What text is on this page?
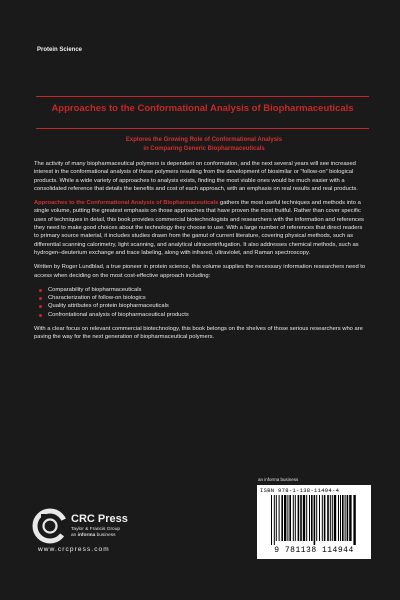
Protein Science
Approaches to the Conformational Analysis of Biopharmaceuticals
Explores the Growing Role of Conformational Analysis
in Comparing Generic Biopharmaceuticals

The activity of many biopharmaceutical polymers is dependent on conformation, and the next several years will see increased interest in the conformational analysis of these polymers resulting from the development of biosimilar or “follow-on” biological products. While a wide variety of approaches to analysis exists, finding the most viable ones would be much easier with a consolidated reference that details the benefits and cost of each approach, with an emphasis on real results and real products.

Approaches to the Conformational Analysis of Biopharmaceuticals gathers the most useful techniques and methods into a single volume, putting the greatest emphasis on those approaches that have proven the most fruitful. Rather than cover specific uses of techniques in detail, this book provides commercial biotechnologists and researchers with the information and references they need to make good choices about the technology they choose to use. With a large number of references that direct readers to primary source material, it includes studies drawn from the gamut of current literature, covering physical methods, such as differential scanning calorimetry, light scanning, and analytical ultracentrifugation. It also addresses chemical methods, such as hydrogen–deuterium exchange and trace labeling, along with infrared, ultraviolet, and Raman spectroscopy.

Written by Roger Lundblad, a true pioneer in protein science, this volume supplies the necessary information researchers need to access when deciding on the most cost-effective approach including:

Comparability of biopharmaceuticals
Characterization of follow-on biologics
Quality attributes of protein biopharmaceuticals
Confrontational analysis of biopharmaceutical products

With a clear focus on relevant commercial biotechnology, this book belongs on the shelves of those serious researchers who are paving the way for the next generation of biopharmaceutical polymers.

an informa business
ISBN 978-1-138-11494-4
9 781138 114944
CRC Press
Taylor & Francis Group
an informa business
www.crcpress.com
